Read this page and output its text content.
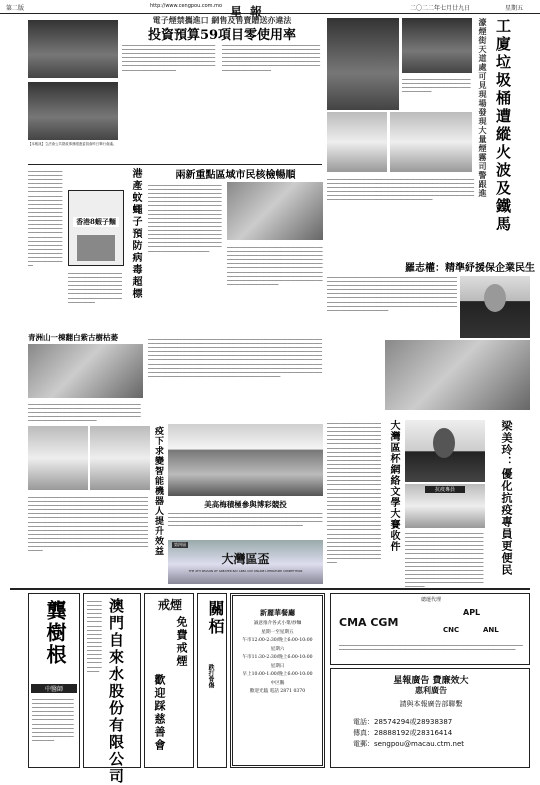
第二版	http://www.cengpou.com.mo 星報	二〇二二年七月廿九日	星期五
【本報訊】立法會公共財政事務跟進委員會昨日舉行會議。
電子煙禁攜進口 網售及售賣贈送亦違法
投資預算59項目零使用率
▁▁▁▁▁▁▁▁▁▁▁▁▁▁▁▁▁▁▁▁▁▁▁▁▁▁▁▁▁▁▁▁▁▁▁▁▁▁▁▁▁▁▁▁▁▁▁▁▁▁▁▁▁▁▁▁▁▁▁▁▁▁▁▁▁▁▁▁▁▁▁▁▁▁▁▁▁▁▁▁▁▁▁▁▁▁▁▁▁▁▁▁▁▁▁▁▁▁▁▁▁▁▁▁▁▁▁▁▁▁▁▁▁▁▁▁▁▁▁▁▁▁▁▁▁▁▁▁▁▁▁▁▁▁▁▁▁▁▁▁▁▁▁▁▁▁▁▁▁▁▁▁▁▁▁▁▁▁▁▁▁▁▁▁▁▁▁▁▁▁▁▁▁▁▁▁▁▁▁▁▁▁▁▁▁▁▁▁▁▁▁▁▁▁▁▁▁▁▁▁▁▁▁▁▁▁▁▁▁▁▁▁▁▁▁▁▁▁▁▁▁▁▁▁▁▁▁▁▁▁▁▁▁▁▁▁▁▁▁▁▁▁▁▁▁▁▁▁▁▁
▁▁▁▁▁▁▁▁▁▁▁▁▁▁▁▁▁▁▁▁▁▁▁▁▁▁▁▁▁▁▁▁▁▁▁▁▁▁▁▁▁▁▁▁▁▁▁▁▁▁▁▁▁▁▁▁▁▁▁▁▁▁▁▁▁▁▁▁▁▁▁▁▁▁▁▁▁▁▁▁▁▁▁▁▁▁▁▁▁▁▁▁▁▁▁▁▁▁▁▁▁▁▁▁▁▁▁▁▁▁▁▁▁▁▁▁▁▁▁▁▁▁▁▁▁▁▁▁▁▁▁▁▁▁▁▁▁▁▁▁▁▁▁▁▁▁▁▁▁▁▁▁▁▁▁▁▁▁▁▁▁▁▁▁▁▁▁▁▁▁▁▁▁▁▁▁▁▁▁▁▁▁▁▁▁▁▁▁▁▁▁▁▁▁▁▁▁▁▁▁▁▁▁▁▁▁▁▁▁▁▁▁▁▁▁▁▁▁▁▁▁▁▁▁▁▁▁▁▁▁▁▁▁▁▁▁▁▁▁▁▁▁▁▁▁▁▁▁▁▁▁▁▁▁▁▁▁▁▁▁
▁▁▁▁▁▁▁▁▁▁▁▁▁▁▁▁▁▁▁▁▁▁▁▁▁▁▁▁▁▁▁▁▁▁▁▁▁▁▁▁▁▁▁▁▁▁▁▁▁▁▁▁▁▁▁▁▁▁▁▁▁▁▁▁▁▁▁▁▁▁▁▁▁▁▁▁▁▁▁▁▁▁▁▁▁▁▁▁▁▁▁▁▁▁▁▁	濠煙街天道處可見現場發現大量煙霧司警跟進 工廈垃圾桶遭縱火波及鐵馬
▁▁▁▁▁▁▁▁▁▁▁▁▁▁▁▁▁▁▁▁▁▁▁▁▁▁▁▁▁▁▁▁▁▁▁▁▁▁▁▁▁▁▁▁▁▁▁▁▁▁▁▁▁▁▁▁▁▁▁▁▁▁▁▁▁▁▁▁▁▁▁▁▁▁▁▁▁▁▁▁▁▁▁▁▁▁▁▁▁▁▁▁▁▁▁▁▁▁▁▁▁▁▁▁▁▁▁▁▁▁▁▁▁▁▁▁▁▁▁▁▁▁▁▁▁▁▁▁▁▁▁▁▁▁▁▁▁▁▁▁▁▁▁▁▁▁▁▁▁▁▁▁▁▁▁▁▁▁▁▁▁▁▁▁▁▁▁▁▁▁▁▁▁▁▁▁▁▁▁▁▁▁▁▁▁▁▁▁▁▁▁▁▁▁▁▁▁▁▁▁▁▁▁▁▁▁▁▁▁▁▁▁▁▁▁▁▁▁▁▁▁▁▁▁▁▁▁▁▁▁▁▁▁▁▁▁▁▁▁▁▁▁▁▁▁▁▁▁▁▁▁▁▁▁▁▁▁▁▁▁▁▁▁▁▁▁▁▁▁▁▁▁▁▁▁▁▁▁▁▁▁▁▁▁▁▁▁▁▁▁▁▁▁▁▁▁▁▁▁▁▁▁▁▁▁▁▁▁▁▁▁▁▁▁▁▁▁▁▁▁▁▁▁▁▁▁▁▁▁▁▁▁▁▁▁▁▁▁▁▁▁▁▁
羅志權：精準紓援保企業民生
▁▁▁▁▁▁▁▁▁▁▁▁▁▁▁▁▁▁▁▁▁▁▁▁▁▁▁▁▁▁▁▁▁▁▁▁▁▁▁▁▁▁▁▁▁▁▁▁▁▁▁▁▁▁▁▁▁▁▁▁▁▁▁▁▁▁▁▁▁▁▁▁▁▁▁▁▁▁▁▁▁▁▁▁▁▁▁▁▁▁▁▁▁▁▁▁▁▁▁▁▁▁▁▁▁▁▁▁▁▁▁▁▁▁▁▁▁▁▁▁▁▁▁▁▁▁▁▁▁▁▁▁▁▁▁▁▁▁▁▁▁▁▁▁▁▁▁▁▁▁▁▁▁▁▁▁▁▁▁▁▁▁▁▁▁▁▁▁▁▁▁▁▁▁▁▁▁▁▁▁▁▁▁▁▁▁▁▁▁▁▁▁▁▁▁▁▁▁▁▁▁▁▁▁▁▁▁▁▁▁▁▁▁▁▁▁▁▁▁▁▁▁▁▁▁▁▁▁▁▁▁▁▁▁▁▁▁▁▁▁▁▁▁▁▁▁▁▁▁▁▁▁▁▁▁▁▁▁▁▁▁▁▁▁▁▁▁▁▁▁▁▁▁▁▁▁▁▁▁▁▁▁▁▁▁▁▁▁▁▁▁▁▁▁▁▁▁▁▁▁▁▁▁▁▁▁▁▁▁▁▁▁▁▁▁▁▁▁▁▁▁▁▁▁▁▁▁▁▁▁▁▁▁▁▁▁▁▁▁▁▁▁▁▁▁▁▁▁▁▁▁▁▁▁▁▁▁▁▁▁▁▁▁▁▁▁▁▁▁▁▁▁▁▁▁▁▁▁▁▁▁▁▁▁▁▁▁▁▁▁▁▁▁▁▁▁▁▁▁▁▁▁▁▁▁▁▁▁▁▁▁▁▁▁▁▁▁▁▁▁▁▁▁▁▁▁▁▁▁▁▁▁▁▁▁▁▁▁▁▁▁▁▁▁▁▁▁▁▁
兩新重點區域市民核檢暢順
▁▁▁▁▁▁▁▁▁▁▁▁▁▁▁▁▁▁▁▁▁▁▁▁▁▁▁▁▁▁▁▁▁▁▁▁▁▁▁▁▁▁▁▁▁▁▁▁▁▁▁▁▁▁▁▁▁▁▁▁▁▁▁▁▁▁▁▁▁▁▁▁▁▁▁▁▁▁▁▁▁▁▁▁▁▁▁▁▁▁▁▁▁▁▁▁▁▁▁▁▁▁▁▁▁▁▁▁▁▁▁▁▁▁▁▁▁▁▁▁▁▁▁▁▁▁▁▁▁▁▁▁▁▁▁▁▁▁▁▁▁▁▁▁▁▁▁▁▁▁▁▁▁▁▁▁▁▁▁▁▁▁▁▁▁▁▁▁▁▁▁▁▁▁▁▁▁▁▁▁▁▁▁▁▁▁▁▁▁▁▁▁▁▁▁▁▁▁▁▁▁▁▁▁▁▁▁▁▁▁▁▁▁▁▁▁▁▁▁▁▁▁▁▁▁▁▁▁▁▁▁▁▁▁▁▁▁▁▁▁▁▁▁▁▁▁▁▁▁▁▁▁▁▁▁▁▁▁▁▁▁▁▁▁▁▁▁▁▁▁▁▁▁▁▁▁▁▁▁▁▁▁▁▁▁▁▁▁▁▁▁▁▁▁▁▁▁▁▁▁▁▁▁▁▁▁▁▁▁▁▁▁▁▁▁▁▁▁▁▁▁▁▁▁▁▁▁▁▁▁▁▁▁▁▁▁▁▁▁▁▁▁▁▁▁▁▁▁▁▁▁▁▁▁▁▁▁▁▁▁▁▁▁▁▁▁▁▁▁▁▁▁▁▁▁▁▁▁▁▁▁▁▁▁▁▁▁▁▁▁▁▁▁▁▁▁▁▁▁▁▁▁▁▁▁▁▁▁▁▁▁▁▁▁▁▁▁▁▁▁▁▁▁▁▁▁▁▁▁▁▁▁▁▁▁▁▁▁▁▁▁▁▁▁▁▁▁▁▁▁▁▁▁▁▁▁▁▁▁▁▁▁▁▁▁▁▁▁▁▁▁▁▁▁▁▁▁▁▁▁▁▁▁▁▁▁▁▁▁▁▁▁▁▁▁▁▁▁▁▁▁▁▁▁▁
▁▁▁▁▁▁▁▁▁▁▁▁▁▁▁▁▁▁▁▁▁▁▁▁▁▁▁▁▁▁▁▁▁▁▁▁▁▁▁▁▁▁▁▁▁▁▁▁▁▁▁▁▁▁▁▁▁▁▁▁▁▁▁▁▁▁▁▁▁▁▁▁▁▁▁▁▁▁▁▁▁▁▁▁▁▁▁▁▁▁▁▁▁▁▁▁▁▁▁▁▁▁▁▁▁▁▁▁▁▁▁▁▁▁▁▁▁▁▁▁▁▁▁▁▁▁▁▁▁▁▁▁▁▁▁▁▁▁▁▁▁▁▁▁▁▁▁▁▁▁▁▁▁▁▁▁▁▁▁▁▁▁▁▁▁▁▁▁▁▁▁▁▁▁▁▁▁▁▁▁▁▁▁▁▁▁▁▁▁▁▁▁▁▁▁▁▁▁▁▁▁▁▁▁▁▁▁▁▁▁▁▁▁▁▁▁▁▁▁▁▁▁▁▁▁▁▁▁▁▁▁▁▁▁▁▁▁▁▁▁▁▁▁▁▁▁▁▁▁▁▁▁▁▁▁▁▁▁▁▁▁▁▁▁▁▁▁▁▁▁▁▁▁▁▁▁▁▁▁▁▁▁▁▁▁▁▁▁▁▁▁▁▁▁▁▁▁▁▁▁▁▁▁▁▁▁▁▁▁▁▁▁▁▁▁▁▁▁▁▁▁▁▁▁▁▁▁▁▁▁▁▁▁▁▁▁▁▁▁▁▁▁▁▁▁▁▁▁▁▁▁▁▁▁▁▁▁▁▁▁▁▁▁▁▁▁▁▁▁▁▁▁
▁▁▁▁▁▁▁▁▁▁▁▁▁▁▁▁▁▁▁▁▁▁▁▁▁▁▁▁▁▁▁▁▁▁▁▁▁▁▁▁▁▁▁▁▁▁▁▁▁▁▁▁▁▁▁▁▁▁▁▁▁▁▁▁▁▁▁▁▁▁▁▁▁▁▁▁▁▁▁▁▁▁▁▁▁▁▁▁▁▁▁▁▁▁▁▁▁▁▁▁▁▁▁▁▁▁▁▁▁▁▁▁▁▁▁▁▁▁▁▁▁▁▁▁▁▁▁▁▁▁▁▁▁▁▁▁▁▁▁▁▁▁▁▁▁▁▁▁▁▁▁▁▁▁▁▁▁▁▁▁▁▁▁▁▁▁▁▁▁▁▁▁▁▁▁▁▁▁▁▁▁▁▁▁▁▁▁▁▁▁▁▁▁▁▁▁▁▁▁▁▁▁▁▁▁▁▁▁▁▁▁▁▁▁▁▁▁▁▁▁▁▁▁▁▁▁▁▁▁▁▁▁▁▁▁▁▁▁▁▁▁▁▁▁▁▁▁▁▁▁▁▁▁▁▁▁▁▁▁▁▁▁▁▁▁▁▁▁▁▁▁▁▁▁▁▁▁▁▁▁▁▁▁▁▁▁▁▁▁▁▁▁▁▁▁▁▁▁▁▁▁▁▁▁▁▁▁▁▁▁▁▁▁▁▁▁▁▁▁▁▁▁▁▁▁▁▁▁▁▁▁▁▁▁▁▁▁▁▁▁▁▁▁▁▁▁▁▁▁▁▁▁▁▁▁▁▁▁▁▁▁▁▁▁▁▁▁▁▁▁▁▁▁▁▁▁▁▁▁▁▁▁▁▁▁▁▁▁▁▁▁▁▁▁▁▁▁▁▁▁▁▁▁▁▁▁▁▁▁▁▁▁▁▁▁▁▁▁▁▁▁▁▁▁▁▁▁▁▁▁▁▁▁▁▁▁▁▁▁▁▁▁▁▁▁▁▁▁▁▁▁▁▁▁▁▁▁▁▁▁▁▁▁▁▁▁▁▁▁▁▁▁▁▁▁▁▁▁▁▁▁▁▁▁▁▁▁▁▁▁▁▁▁▁▁▁▁▁▁▁▁▁▁▁▁▁▁▁▁▁▁▁▁▁▁▁▁▁▁▁▁▁▁▁▁▁▁▁▁▁▁▁▁▁▁▁▁▁▁▁▁▁▁▁▁▁▁▁▁▁▁▁▁▁▁▁▁▁▁▁▁▁▁▁▁▁▁▁▁▁▁▁▁▁▁▁▁▁▁▁▁▁▁▁▁▁▁▁▁▁▁▁▁▁▁▁▁▁▁▁▁▁▁▁▁▁▁▁▁▁▁▁▁▁▁▁▁▁▁▁▁▁▁▁▁▁▁▁▁▁▁▁▁▁▁▁▁▁▁▁▁▁▁▁▁▁▁▁▁▁▁▁▁▁▁▁▁▁▁▁▁▁▁▁▁▁▁▁▁▁▁▁▁▁▁▁▁▁▁▁▁▁▁▁▁▁▁▁▁▁▁▁▁
港產蚊蠅子預防病毒超標
▁▁▁▁▁▁▁▁▁▁▁▁▁▁▁▁▁▁▁▁▁▁▁▁▁▁▁▁▁▁▁▁▁▁▁▁▁▁▁▁▁▁▁▁▁▁▁▁▁▁▁▁▁▁▁▁▁▁▁▁▁▁▁▁▁▁▁▁▁▁▁▁▁▁▁▁▁▁▁▁▁▁▁▁▁▁▁▁▁▁▁▁▁▁▁▁▁▁▁▁▁▁▁▁▁▁▁▁▁▁▁▁▁▁▁▁▁▁▁▁▁▁▁▁▁▁▁▁▁▁▁▁▁▁▁▁▁▁▁▁▁▁▁▁▁▁▁▁▁▁▁▁▁▁▁▁▁▁▁▁▁▁▁▁▁▁▁▁▁▁▁▁▁▁▁▁▁▁▁▁▁▁▁▁▁▁▁▁▁▁▁▁▁▁▁▁▁▁▁▁▁▁▁▁▁▁▁▁▁▁▁▁▁▁▁▁▁▁▁▁▁▁▁▁▁▁▁▁▁▁▁▁▁▁▁▁▁▁▁▁▁▁▁▁▁▁▁▁▁▁▁▁▁▁▁▁▁▁▁▁▁▁▁▁▁▁▁▁▁▁▁▁▁▁▁▁▁▁▁▁▁▁▁▁▁▁▁▁▁▁▁▁▁▁▁▁▁▁▁▁▁▁▁▁▁▁▁▁▁▁▁▁▁▁▁▁▁▁▁▁▁▁▁▁
香港8蝦子麵
▁▁▁▁▁▁▁▁▁▁▁▁▁▁▁▁▁▁▁▁▁▁▁▁▁▁▁▁▁▁▁▁▁▁▁▁▁▁▁▁▁▁▁▁▁▁▁▁▁▁▁▁▁▁▁▁▁▁▁▁▁▁▁▁▁▁▁▁▁▁▁▁▁▁▁▁▁▁▁▁▁▁▁▁▁▁▁▁▁▁▁▁▁▁▁▁▁▁▁▁▁▁▁▁▁▁▁▁▁▁▁▁▁▁▁▁▁▁▁▁▁▁▁▁▁▁▁▁▁▁▁▁▁▁▁▁▁▁▁▁▁▁▁▁▁▁▁▁▁▁▁▁▁▁▁▁▁▁▁▁▁▁▁▁▁
青洲山一棟翻白紫古樹枯萎
▁▁▁▁▁▁▁▁▁▁▁▁▁▁▁▁▁▁▁▁▁▁▁▁▁▁▁▁▁▁▁▁▁▁▁▁▁▁▁▁▁▁▁▁▁▁▁▁▁▁▁▁▁▁▁▁▁▁▁▁▁▁▁▁▁▁▁▁▁▁▁▁▁▁▁▁▁▁▁▁▁▁▁▁▁▁▁▁▁▁▁▁▁▁▁▁▁▁▁▁▁▁▁▁▁▁▁▁▁▁▁▁▁▁▁▁▁▁▁▁▁▁▁▁▁▁▁▁▁▁▁▁▁▁▁▁▁▁▁▁▁▁▁▁▁▁▁▁▁▁▁▁▁▁▁▁▁▁▁▁▁▁▁▁▁▁▁▁▁▁▁▁▁▁▁▁▁▁▁▁▁▁▁▁▁▁▁▁▁▁▁▁▁▁▁▁▁▁▁▁▁▁▁▁▁▁▁▁▁▁▁▁
▁▁▁▁▁▁▁▁▁▁▁▁▁▁▁▁▁▁▁▁▁▁▁▁▁▁▁▁▁▁▁▁▁▁▁▁▁▁▁▁▁▁▁▁▁▁▁▁▁▁▁▁▁▁▁▁▁▁▁▁▁▁▁▁▁▁▁▁▁▁▁▁▁▁▁▁▁▁▁▁▁▁▁▁▁▁▁▁▁▁▁▁▁▁▁▁▁▁▁▁▁▁▁▁▁▁▁▁▁▁▁▁▁▁▁▁▁▁▁▁▁▁▁▁▁▁▁▁▁▁▁▁▁▁▁▁▁▁▁▁▁▁▁▁▁▁▁▁▁▁▁▁▁▁▁▁▁▁▁▁▁▁▁▁▁▁▁▁▁▁▁▁▁▁▁▁▁▁▁▁▁▁▁▁▁▁▁▁▁▁▁▁▁▁▁▁▁▁▁▁▁▁▁▁▁▁▁▁▁▁▁▁▁▁▁▁▁▁▁▁▁▁▁▁▁▁▁▁▁▁▁▁▁▁▁▁▁▁▁▁▁▁▁▁▁▁▁▁▁▁▁▁▁▁▁▁▁▁▁▁▁▁▁▁▁▁▁▁▁▁▁▁▁▁▁▁▁▁▁▁▁▁▁▁▁▁▁▁▁▁▁▁▁▁▁▁▁▁▁▁▁▁▁▁▁▁▁▁▁▁▁▁▁▁▁▁▁▁▁▁▁▁▁▁▁▁▁▁▁▁▁▁▁▁▁▁▁▁▁▁▁▁▁▁▁▁▁▁▁▁▁▁▁▁▁▁▁▁▁▁▁▁▁▁▁▁▁▁▁▁▁▁▁▁▁▁▁▁▁▁▁▁▁▁▁▁▁▁▁▁▁▁▁▁▁▁▁▁▁▁▁▁▁▁▁▁▁▁▁▁▁▁▁▁▁▁▁▁▁▁▁▁▁▁▁▁▁▁▁▁▁▁▁▁▁▁▁▁▁▁▁▁▁▁▁▁▁▁▁▁▁▁▁▁▁▁▁▁▁▁▁▁▁▁▁▁▁▁▁▁▁▁▁▁▁▁▁▁▁▁▁▁▁▁▁▁▁▁▁▁▁▁▁▁▁▁▁▁▁▁▁▁▁▁▁▁▁▁▁▁▁▁▁▁▁▁▁▁▁▁▁▁▁▁▁▁▁▁▁▁▁▁▁▁▁▁▁▁▁▁▁▁▁▁▁▁▁▁▁▁▁▁▁▁▁▁▁▁▁▁▁▁▁▁▁▁▁▁▁▁▁▁▁▁▁▁▁▁▁▁▁▁▁▁▁▁▁▁▁▁▁▁▁▁▁▁▁▁▁▁▁▁▁▁▁▁▁▁▁▁▁▁▁▁▁▁▁▁▁▁▁▁▁▁▁▁▁▁▁▁▁▁▁▁▁▁▁▁▁▁▁▁▁	疫下求變智能機器人提升效益	美高梅積極參與博彩競投
▁▁▁▁▁▁▁▁▁▁▁▁▁▁▁▁▁▁▁▁▁▁▁▁▁▁▁▁▁▁▁▁▁▁▁▁▁▁▁▁▁▁▁▁▁▁▁▁▁▁▁▁▁▁▁▁▁▁▁▁▁▁▁▁▁▁▁▁▁▁▁▁▁▁▁▁▁▁▁▁▁▁▁▁▁▁▁▁▁▁▁▁▁▁▁▁▁▁▁▁▁▁▁▁▁▁▁▁▁▁▁▁▁▁▁▁▁▁▁▁▁▁▁▁▁▁▁▁▁▁▁▁▁▁▁▁▁▁▁▁▁▁▁▁▁▁▁▁▁▁▁▁▁▁▁▁▁▁▁▁▁▁▁▁▁▁▁▁▁▁▁▁▁▁▁▁▁▁▁▁▁▁▁▁▁▁▁▁▁▁▁▁▁▁▁▁▁▁▁▁▁▁▁▁▁▁▁▁▁▁▁▁▁▁▁▁▁▁▁▁▁▁▁▁▁▁▁▁▁▁▁▁▁▁▁▁▁▁▁▁▁▁▁▁
第四屆
大灣區盃
THE 4TH SEASON OF GREATER BAY AREA CUP ONLINE LITERATURE COMPETITION
大灣區杯網絡文學大賽收件
▁▁▁▁▁▁▁▁▁▁▁▁▁▁▁▁▁▁▁▁▁▁▁▁▁▁▁▁▁▁▁▁▁▁▁▁▁▁▁▁▁▁▁▁▁▁▁▁▁▁▁▁▁▁▁▁▁▁▁▁▁▁▁▁▁▁▁▁▁▁▁▁▁▁▁▁▁▁▁▁▁▁▁▁▁▁▁▁▁▁▁▁▁▁▁▁▁▁▁▁▁▁▁▁▁▁▁▁▁▁▁▁▁▁▁▁▁▁▁▁▁▁▁▁▁▁▁▁▁▁▁▁▁▁▁▁▁▁▁▁▁▁▁▁▁▁▁▁▁▁▁▁▁▁▁▁▁▁▁▁▁▁▁▁▁▁▁▁▁▁▁▁▁▁▁▁▁▁▁▁▁▁▁▁▁▁▁▁▁▁▁▁▁▁▁▁▁▁▁▁▁▁▁▁▁▁▁▁▁▁▁▁▁▁▁▁▁▁▁▁▁▁▁▁▁▁▁▁▁▁▁▁▁▁▁▁▁▁▁▁▁▁▁▁▁▁▁▁▁▁▁▁▁▁▁▁▁▁▁▁▁▁▁▁▁▁▁▁▁▁▁▁▁▁▁▁▁▁▁▁▁▁▁▁▁▁▁▁▁▁▁▁▁▁▁▁▁▁▁▁▁▁▁▁▁▁▁▁▁▁▁▁▁▁▁▁▁▁▁▁▁▁▁▁▁▁▁▁▁▁▁▁▁▁▁▁▁▁▁▁▁▁▁▁▁▁▁▁▁▁▁▁▁▁▁▁▁▁▁▁▁▁▁▁▁▁▁▁▁▁▁▁▁▁▁▁▁▁▁▁▁▁▁▁▁▁▁▁▁▁▁▁▁▁▁▁▁▁▁▁▁▁▁▁▁▁▁▁▁▁▁▁▁▁▁▁▁▁▁▁▁▁▁▁▁▁▁▁▁▁▁▁▁▁▁▁▁▁▁▁▁▁▁▁▁▁▁▁▁▁▁▁▁▁▁▁▁▁▁▁▁▁▁▁▁▁▁▁▁▁▁▁▁▁▁▁▁▁▁▁▁▁▁▁▁▁▁▁▁▁▁▁▁▁▁▁▁▁▁▁▁▁▁▁▁▁▁▁▁▁▁▁▁▁▁▁▁▁▁▁▁▁▁▁▁▁▁▁▁▁▁▁▁▁▁▁▁▁▁▁▁▁▁▁▁▁▁▁▁▁▁▁▁▁▁▁▁▁▁▁▁▁▁▁▁▁▁▁▁▁▁▁▁▁▁▁▁▁▁▁▁▁▁▁▁▁▁▁▁▁▁▁▁▁▁▁▁▁▁▁▁▁▁▁▁▁▁▁▁▁▁▁▁▁▁▁▁▁▁▁▁▁▁▁▁▁▁▁▁▁▁▁▁▁▁▁▁▁▁▁▁▁▁▁▁▁▁▁▁▁▁▁▁▁▁▁▁▁▁▁▁▁▁▁▁▁▁▁▁▁▁▁▁▁▁▁▁▁▁▁▁▁▁▁▁▁▁▁▁▁▁▁▁▁▁▁▁▁▁▁▁▁▁▁▁▁▁▁▁▁▁▁▁▁▁▁▁▁▁▁▁▁▁▁▁▁▁▁▁▁▁▁▁▁▁▁▁▁▁▁▁▁▁▁▁▁▁▁▁▁▁▁
抗疫專員
▁▁▁▁▁▁▁▁▁▁▁▁▁▁▁▁▁▁▁▁▁▁▁▁▁▁▁▁▁▁▁▁▁▁▁▁▁▁▁▁▁▁▁▁▁▁▁▁▁▁▁▁▁▁▁▁▁▁▁▁▁▁▁▁▁▁▁▁▁▁▁▁▁▁▁▁▁▁▁▁▁▁▁▁▁▁▁▁▁▁▁▁▁▁▁▁▁▁▁▁▁▁▁▁▁▁▁▁▁▁▁▁▁▁▁▁▁▁▁▁▁▁▁▁▁▁▁▁▁▁▁▁▁▁▁▁▁▁▁▁▁▁▁▁▁▁▁▁▁▁▁▁▁▁▁▁▁▁▁▁▁▁▁▁▁▁▁▁▁▁▁▁▁▁▁▁▁▁▁▁▁▁▁▁▁▁▁▁▁▁▁▁▁▁▁▁▁▁▁▁▁▁▁▁▁▁▁▁▁▁▁▁▁▁▁▁▁▁▁▁▁▁▁▁▁▁▁▁▁▁▁▁▁▁▁▁▁▁▁▁▁▁▁▁▁▁▁▁▁▁▁▁▁▁▁▁▁▁▁▁▁▁▁▁▁▁▁▁▁▁▁▁▁▁▁▁▁▁▁▁▁▁▁▁▁▁▁▁▁▁▁▁▁▁▁▁▁▁▁▁▁▁▁▁▁▁▁▁▁▁▁▁▁▁▁▁▁▁▁▁▁▁▁▁▁▁▁▁▁▁▁▁▁▁▁▁▁▁▁▁▁▁▁▁▁▁▁▁▁▁▁▁▁▁▁▁▁▁▁▁▁▁▁▁▁▁▁▁▁▁▁▁▁▁▁▁▁▁▁▁▁▁▁▁▁▁▁▁▁▁▁▁▁▁▁▁▁▁▁▁▁▁▁▁▁▁▁▁▁▁▁▁▁▁▁▁▁▁▁▁▁▁▁▁
梁美玲：優化抗疫專員更便民
龔樹根
中醫師
▁▁▁▁▁▁▁▁▁▁▁▁▁▁▁▁▁▁▁▁▁▁▁▁▁▁▁▁▁▁▁▁▁▁▁▁▁▁▁▁▁▁▁▁▁▁▁▁▁▁▁▁▁▁▁▁▁▁▁▁▁▁▁▁▁▁▁▁▁▁▁▁▁▁▁▁▁▁▁▁▁▁▁▁▁▁▁▁▁▁▁▁▁▁▁▁▁▁▁▁▁▁▁▁▁▁▁▁▁▁▁▁▁▁▁▁▁▁▁▁▁▁▁▁▁▁▁▁▁▁▁▁▁▁▁▁▁▁▁▁▁▁▁▁▁▁▁▁▁▁▁▁▁▁▁▁▁▁▁▁▁▁▁▁▁▁▁▁▁▁▁▁▁▁▁▁▁▁▁	澳門自來水股份有限公司
▁▁▁▁▁▁▁▁▁▁▁▁▁▁▁▁▁▁▁▁▁▁▁▁▁▁▁▁▁▁▁▁▁▁▁▁▁▁▁▁▁▁▁▁▁▁▁▁▁▁▁▁▁▁▁▁▁▁▁▁▁▁▁▁▁▁▁▁▁▁▁▁▁▁▁▁▁▁▁▁▁▁▁▁▁▁▁▁▁▁▁▁▁▁▁▁▁▁▁▁▁▁▁▁▁▁▁
戒煙
免費戒煙
歡迎踩慈善會
關栢
跌打骨傷
新麗華餐廳
誠意推介各式小菜/炒麵
星期一至星期五
午市12:00-2:30/晚上6:00-10:00
星期六
午市11:30-2:30/晚上6:00-10:00
星期日
早上10:00-1:00/晚上6:00-10:00
中区鵝
歡迎光臨 電話 2871 0370
總運代理
CMA CGM
APL
CNC	ANL
▁▁▁▁▁▁▁▁▁▁▁▁▁▁▁▁▁▁▁▁▁▁▁▁▁▁▁▁▁▁▁▁▁▁▁▁▁▁▁▁▁▁▁▁▁▁▁▁▁▁▁▁▁▁▁▁▁▁▁▁▁▁▁▁▁▁▁▁▁▁▁▁▁▁▁▁▁▁▁▁▁▁▁▁▁▁▁▁▁▁▁▁▁▁▁▁▁▁▁▁▁▁▁▁▁▁▁▁▁▁▁▁▁▁▁▁▁▁▁▁▁▁▁▁▁▁▁▁▁▁▁▁▁▁▁▁▁▁▁▁▁▁▁▁▁▁▁
星報廣告 費廉效大
惠利廣告
請與本報廣告部聯繫
電話：28574294或28938387
傳真：28888192或28316414
電郵：sengpou@macau.ctm.net
